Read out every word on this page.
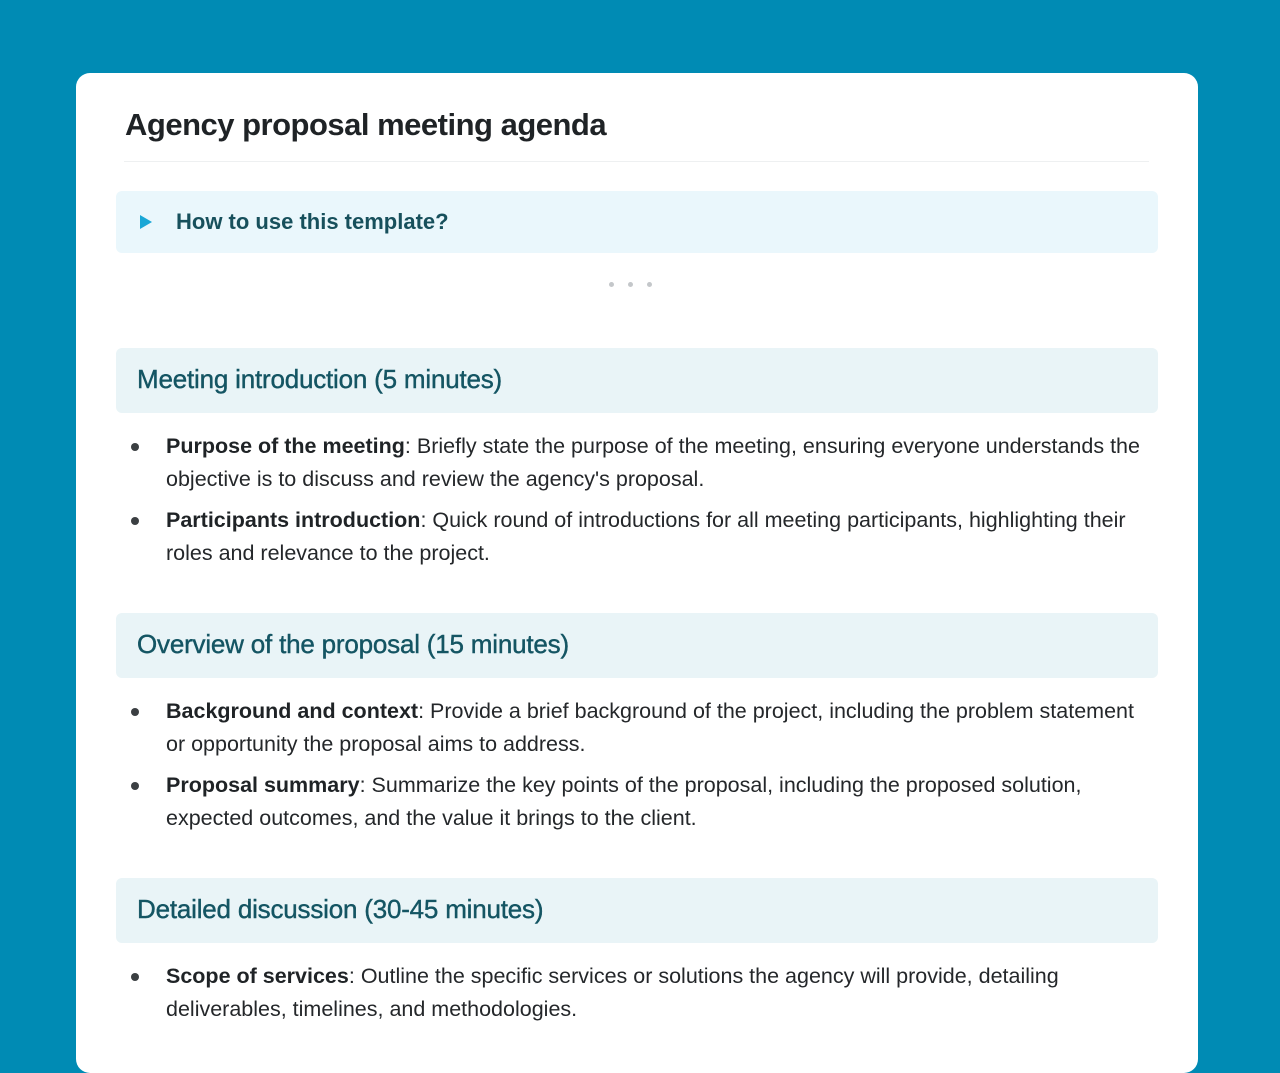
Agency proposal meeting agenda
How to use this template?
Meeting introduction (5 minutes)
Purpose of the meeting: Briefly state the purpose of the meeting, ensuring everyone understands the objective is to discuss and review the agency's proposal.
Participants introduction: Quick round of introductions for all meeting participants, highlighting their roles and relevance to the project.
Overview of the proposal (15 minutes)
Background and context: Provide a brief background of the project, including the problem statement or opportunity the proposal aims to address.
Proposal summary: Summarize the key points of the proposal, including the proposed solution, expected outcomes, and the value it brings to the client.
Detailed discussion (30-45 minutes)
Scope of services: Outline the specific services or solutions the agency will provide, detailing deliverables, timelines, and methodologies.
